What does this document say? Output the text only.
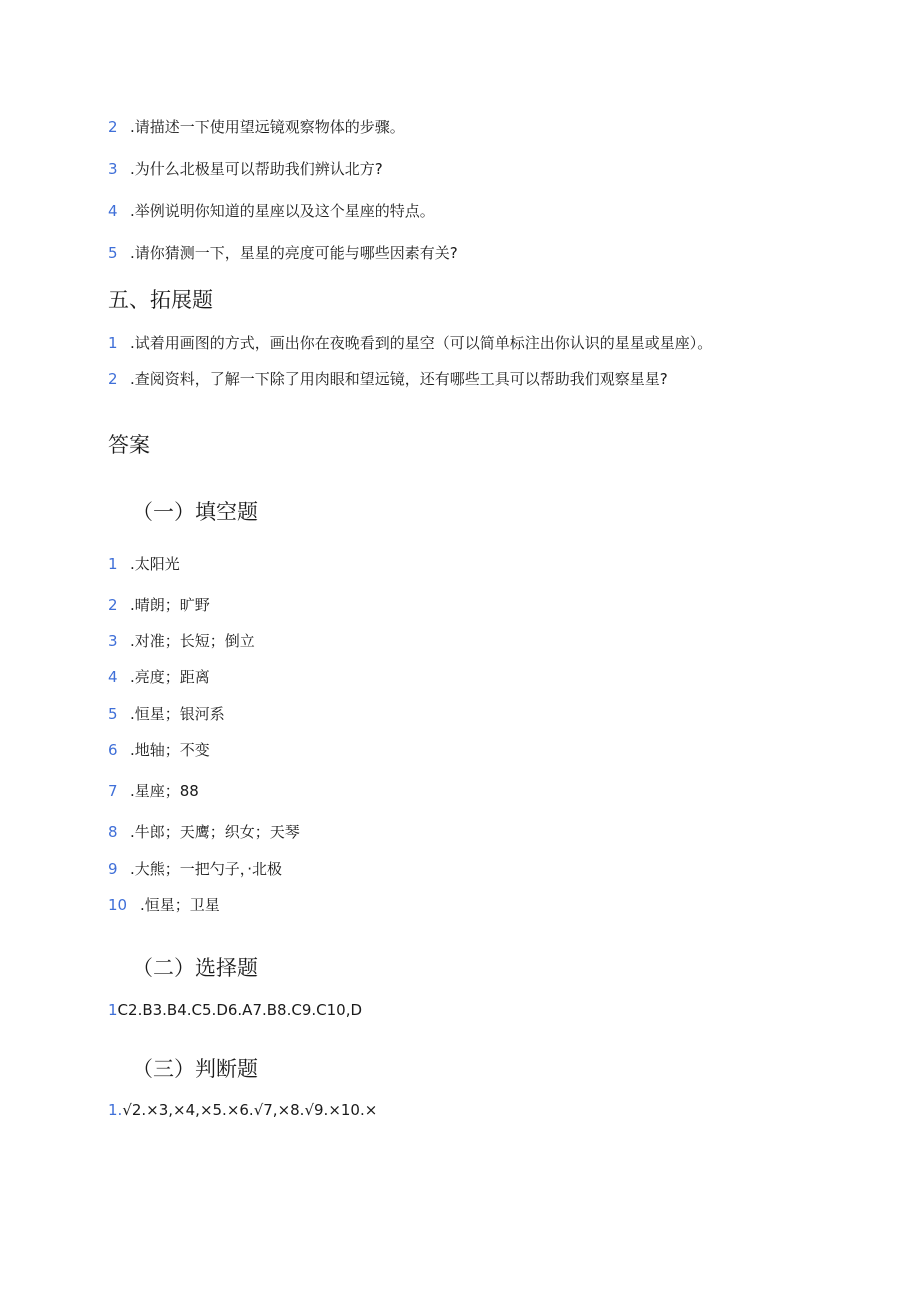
2 .请描述一下使用望远镜观察物体的步骤。
3 .为什么北极星可以帮助我们辨认北方?
4 .举例说明你知道的星座以及这个星座的特点。
5 .请你猜测一下，星星的亮度可能与哪些因素有关?
五、拓展题
1 .试着用画图的方式，画出你在夜晚看到的星空（可以简单标注出你认识的星星或星座）。
2 .查阅资料，了解一下除了用肉眼和望远镜，还有哪些工具可以帮助我们观察星星?
答案
（一）填空题
1 .太阳光
2 .晴朗；旷野
3 .对准；长短；倒立
4 .亮度；距离
5 .恒星；银河系
6 .地轴；不变
7 .星座；88
8 .牛郎；天鹰；织女；天琴
9 .大熊；一把勺子，·北极
10 .恒星；卫星
（二）选择题
1C2.B3.B4.C5.D6.A7.B8.C9.C10,D
（三）判断题
1.√2.×3,×4,×5.×6.√7,×8.√9.×10.×
